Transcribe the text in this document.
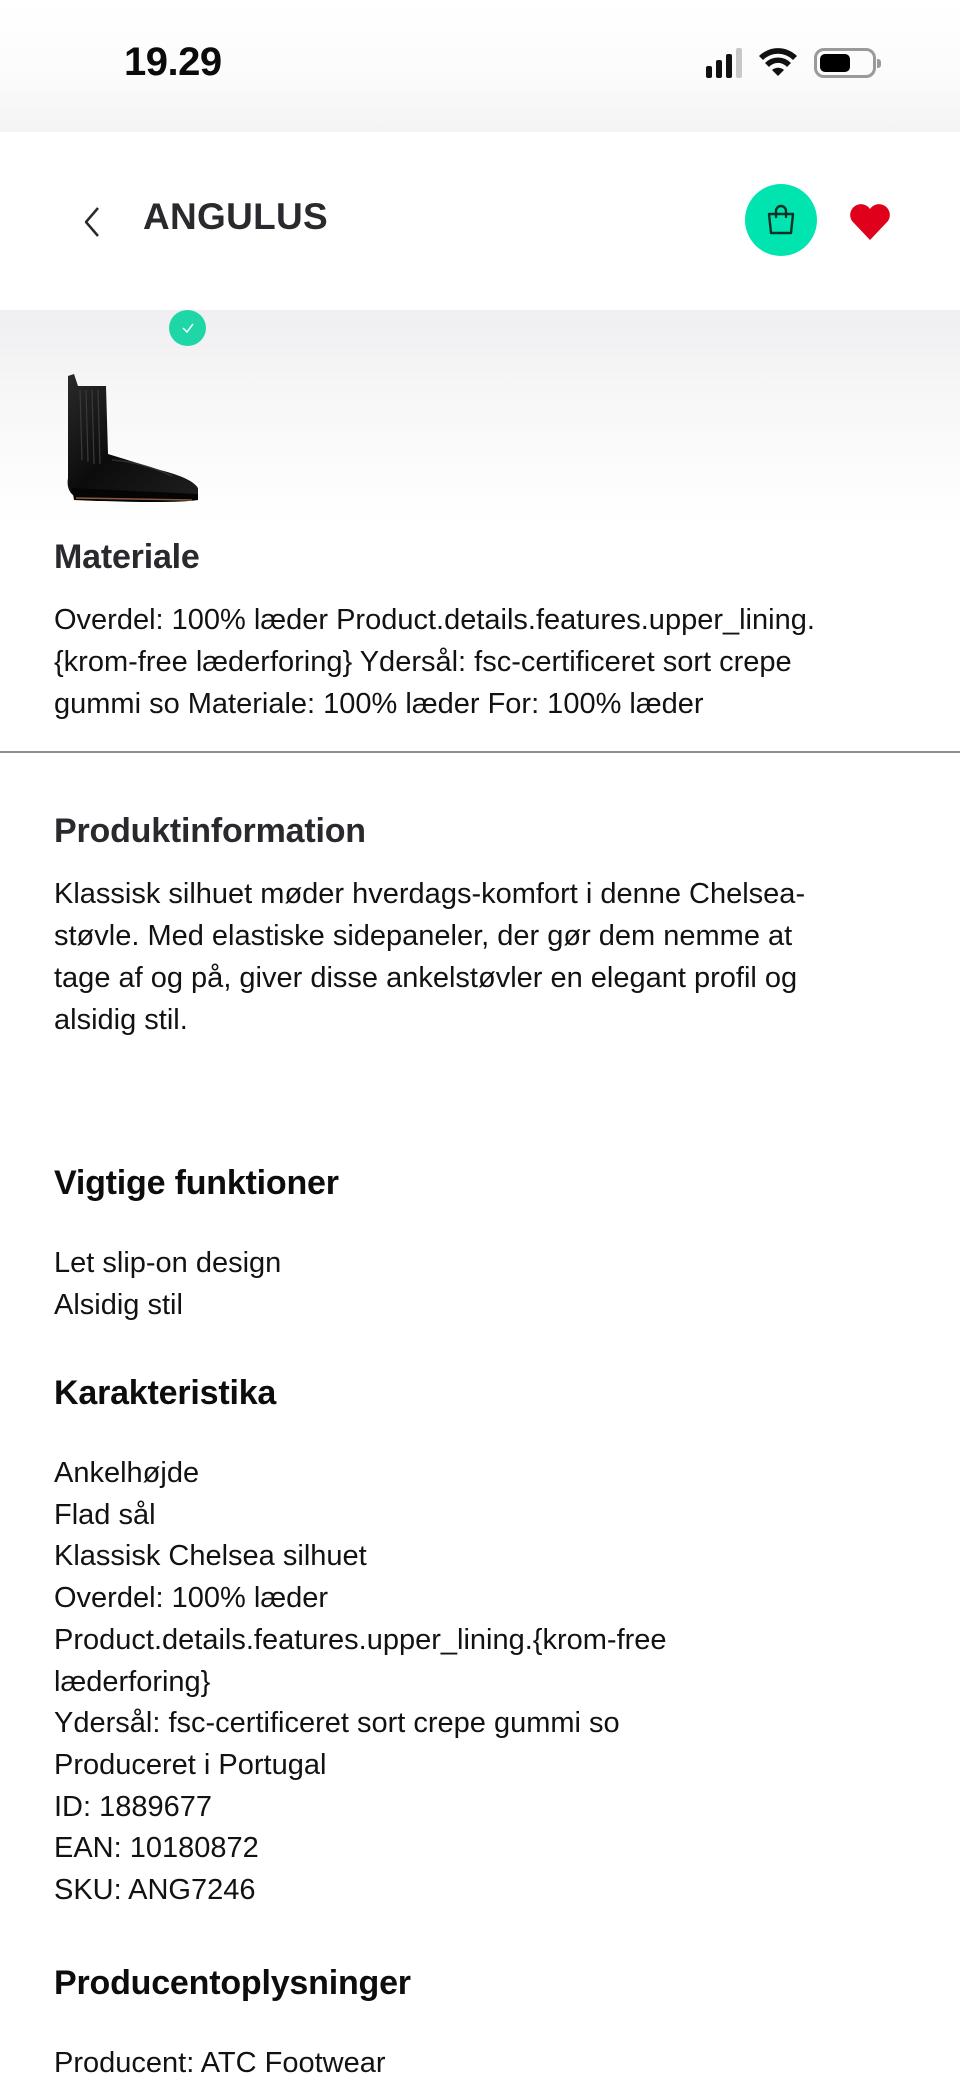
19.29
ANGULUS
Materiale
Overdel: 100% læder Product.details.features.upper_lining.
{krom-free læderforing} Ydersål: fsc-certificeret sort crepe
gummi so Materiale: 100% læder For: 100% læder
Produktinformation
Klassisk silhuet møder hverdags-komfort i denne Chelsea-
støvle. Med elastiske sidepaneler, der gør dem nemme at
tage af og på, giver disse ankelstøvler en elegant profil og
alsidig stil.
Vigtige funktioner
Let slip-on design
Alsidig stil
Karakteristika
Ankelhøjde
Flad sål
Klassisk Chelsea silhuet
Overdel: 100% læder
Product.details.features.upper_lining.{krom-free
læderforing}
Ydersål: fsc-certificeret sort crepe gummi so
Produceret i Portugal
ID: 1889677
EAN: 10180872
SKU: ANG7246
Producentoplysninger
Producent: ATC Footwear
